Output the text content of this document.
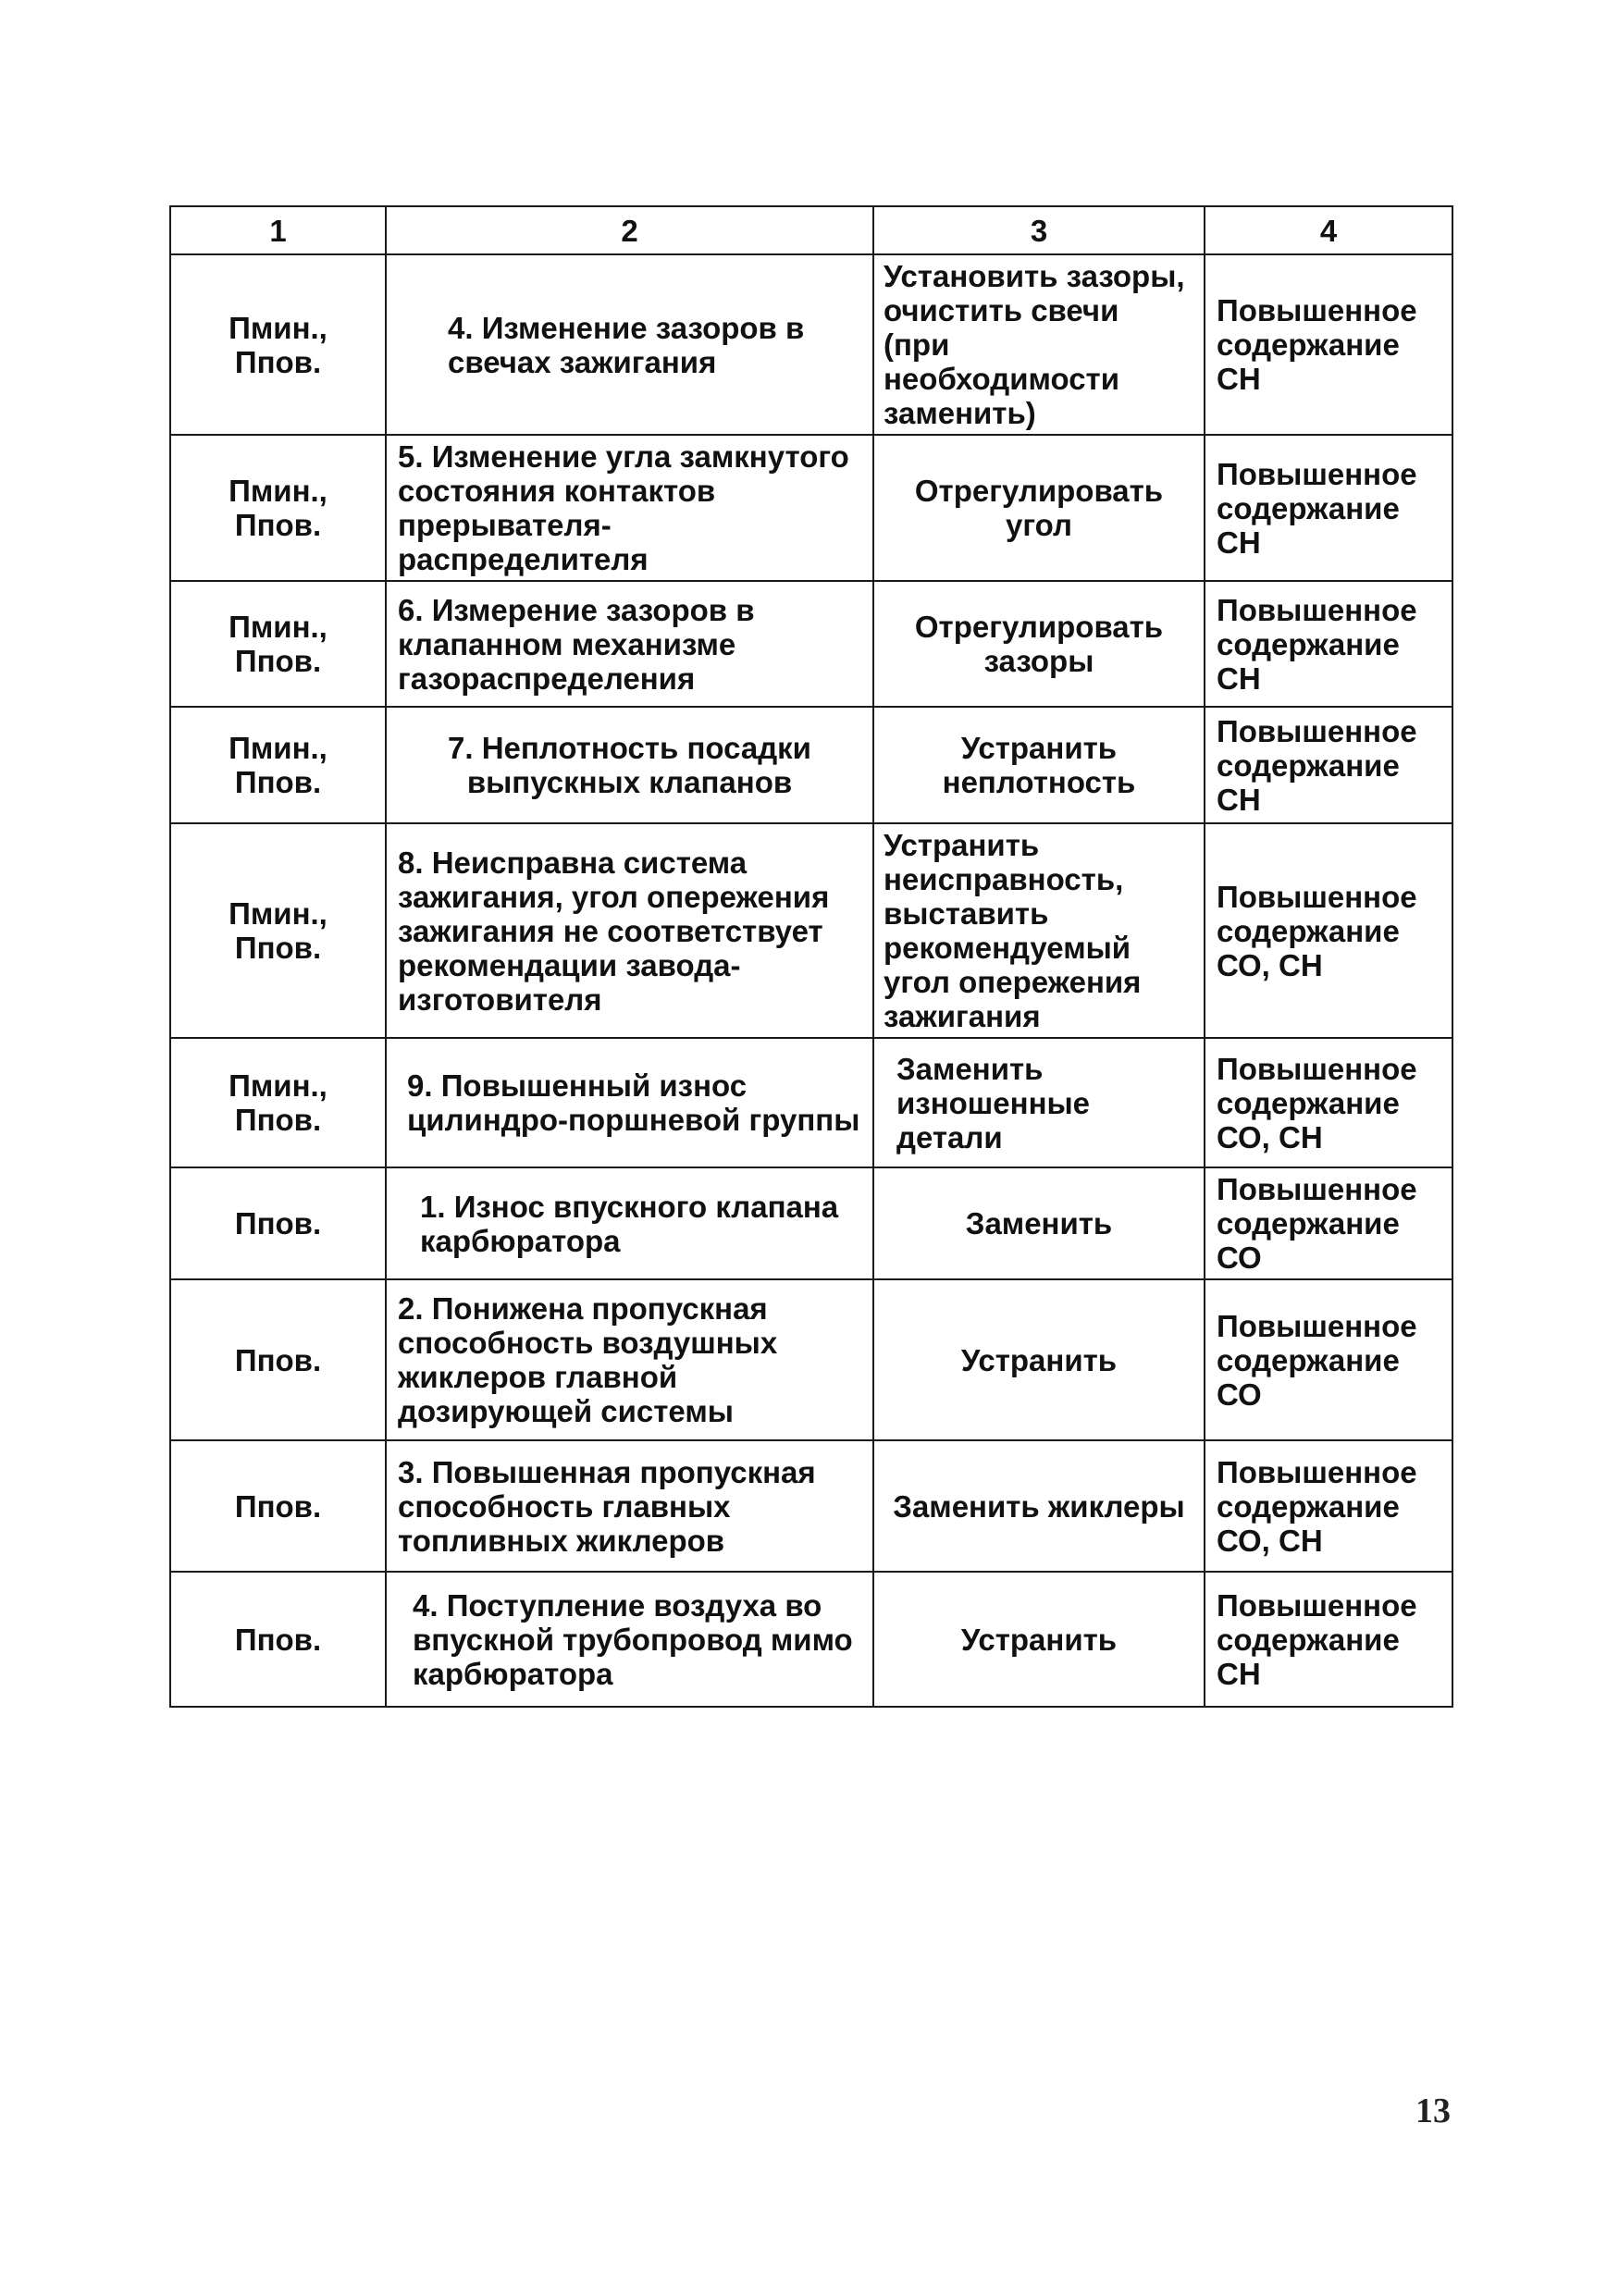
1	2	3	4
Пмин.,
Ппов.	4. Изменение зазоров в свечах зажигания	Установить зазоры, очистить свечи (при необходимости заменить)	Повышенное содержание СН
Пмин.,
Ппов.	5. Изменение угла замкнутого состояния контактов прерывателя-распределителя	Отрегулировать угол	Повышенное содержание СН
Пмин.,
Ппов.	6. Измерение зазоров в клапанном механизме газораспределения	Отрегулировать зазоры	Повышенное содержание СН
Пмин.,
Ппов.	7. Неплотность посадки выпускных клапанов	Устранить неплотность	Повышенное содержание СН
Пмин.,
Ппов.	8. Неисправна система зажигания, угол опережения зажигания не соответствует рекомендации завода-изготовителя	Устранить неисправность, выставить рекомендуемый угол опережения зажигания	Повышенное содержание СО, СН
Пмин.,
Ппов.	9. Повышенный износ цилиндро-поршневой группы	Заменить изношенные детали	Повышенное содержание СО, СН
Ппов.	1. Износ впускного клапана карбюратора	Заменить	Повышенное содержание СО
Ппов.	2. Понижена пропускная способность воздушных жиклеров главной дозирующей системы	Устранить	Повышенное содержание СО
Ппов.	3. Повышенная пропускная способность главных топливных жиклеров	Заменить жиклеры	Повышенное содержание СО, СН
Ппов.	4. Поступление воздуха во впускной трубопровод мимо карбюратора	Устранить	Повышенное содержание СН
13
